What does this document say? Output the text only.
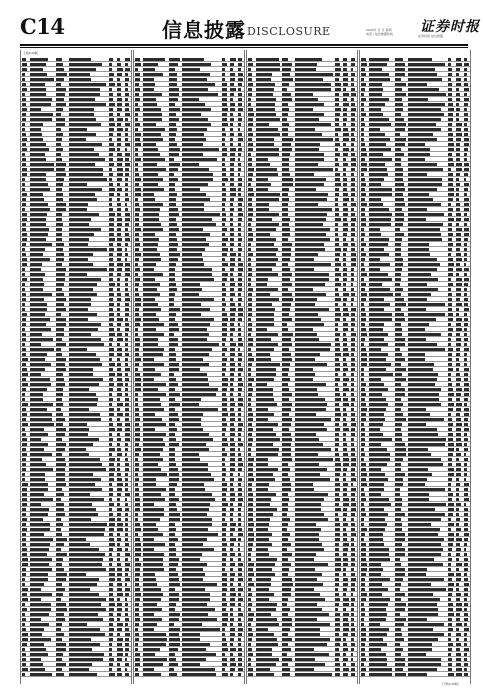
C14	信息披露 DISCLOSURE	2020年 月 日 星期
电话 / 信息披露热线 证券时报
证券时报 信息披露
上接C13版
（下转C15版）
